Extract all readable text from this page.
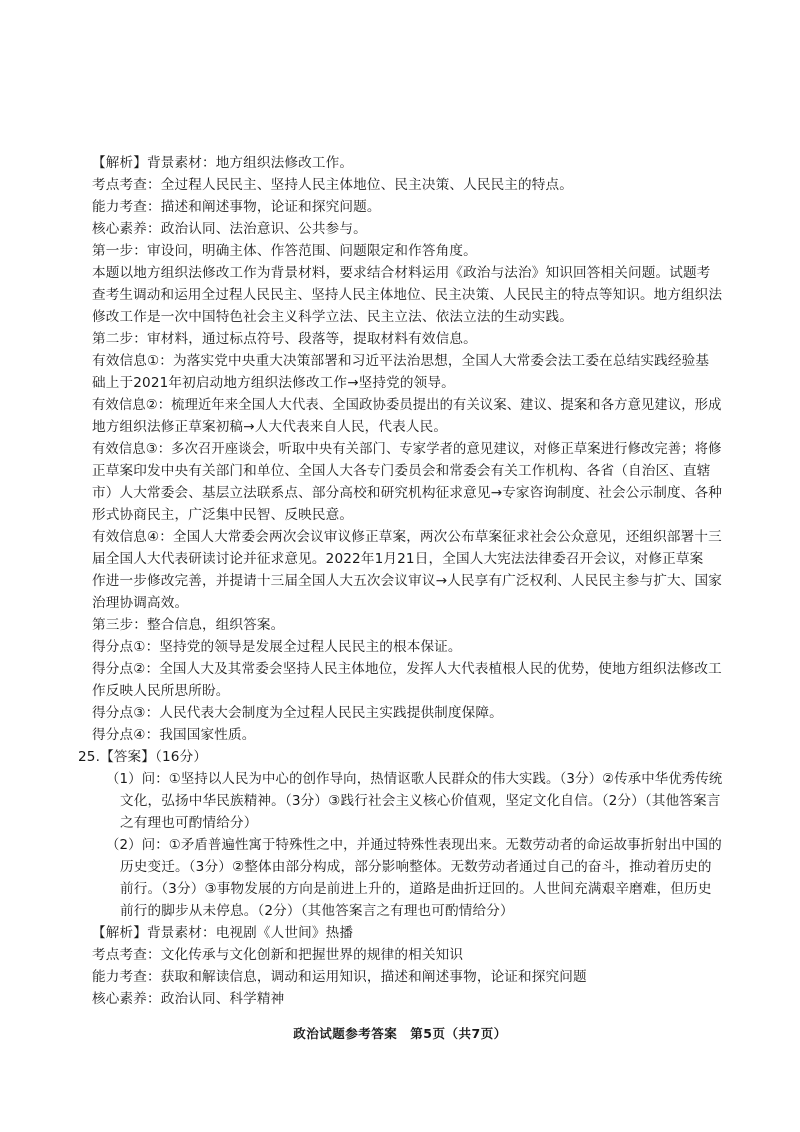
【解析】背景素材：地方组织法修改工作。
考点考查：全过程人民民主、坚持人民主体地位、民主决策、人民民主的特点。
能力考查：描述和阐述事物，论证和探究问题。
核心素养：政治认同、法治意识、公共参与。
第一步：审设问，明确主体、作答范围、问题限定和作答角度。
本题以地方组织法修改工作为背景材料，要求结合材料运用《政治与法治》知识回答相关问题。试题考
查考生调动和运用全过程人民民主、坚持人民主体地位、民主决策、人民民主的特点等知识。地方组织法
修改工作是一次中国特色社会主义科学立法、民主立法、依法立法的生动实践。
第二步：审材料，通过标点符号、段落等，提取材料有效信息。
有效信息①：为落实党中央重大决策部署和习近平法治思想，全国人大常委会法工委在总结实践经验基
础上于2021年初启动地方组织法修改工作→坚持党的领导。
有效信息②：梳理近年来全国人大代表、全国政协委员提出的有关议案、建议、提案和各方意见建议，形成
地方组织法修正草案初稿→人大代表来自人民，代表人民。
有效信息③：多次召开座谈会，听取中央有关部门、专家学者的意见建议，对修正草案进行修改完善；将修
正草案印发中央有关部门和单位、全国人大各专门委员会和常委会有关工作机构、各省（自治区、直辖
市）人大常委会、基层立法联系点、部分高校和研究机构征求意见→专家咨询制度、社会公示制度、各种
形式协商民主，广泛集中民智、反映民意。
有效信息④：全国人大常委会两次会议审议修正草案，两次公布草案征求社会公众意见，还组织部署十三
届全国人大代表研读讨论并征求意见。2022年1月21日，全国人大宪法法律委召开会议，对修正草案
作进一步修改完善，并提请十三届全国人大五次会议审议→人民享有广泛权利、人民民主参与扩大、国家
治理协调高效。
第三步：整合信息，组织答案。
得分点①：坚持党的领导是发展全过程人民民主的根本保证。
得分点②：全国人大及其常委会坚持人民主体地位，发挥人大代表植根人民的优势，使地方组织法修改工
作反映人民所思所盼。
得分点③：人民代表大会制度为全过程人民民主实践提供制度保障。
得分点④：我国国家性质。
25.【答案】（16分）
（1）问：①坚持以人民为中心的创作导向，热情讴歌人民群众的伟大实践。（3分）②传承中华优秀传统
文化，弘扬中华民族精神。（3分）③践行社会主义核心价值观，坚定文化自信。（2分）（其他答案言
之有理也可酌情给分）
（2）问：①矛盾普遍性寓于特殊性之中，并通过特殊性表现出来。无数劳动者的命运故事折射出中国的
历史变迁。（3分）②整体由部分构成，部分影响整体。无数劳动者通过自己的奋斗，推动着历史的
前行。（3分）③事物发展的方向是前进上升的，道路是曲折迂回的。人世间充满艰辛磨难，但历史
前行的脚步从未停息。（2分）（其他答案言之有理也可酌情给分）
【解析】背景素材：电视剧《人世间》热播
考点考查：文化传承与文化创新和把握世界的规律的相关知识
能力考查：获取和解读信息，调动和运用知识，描述和阐述事物，论证和探究问题
核心素养：政治认同、科学精神
政治试题参考答案　第5页（共7页）
